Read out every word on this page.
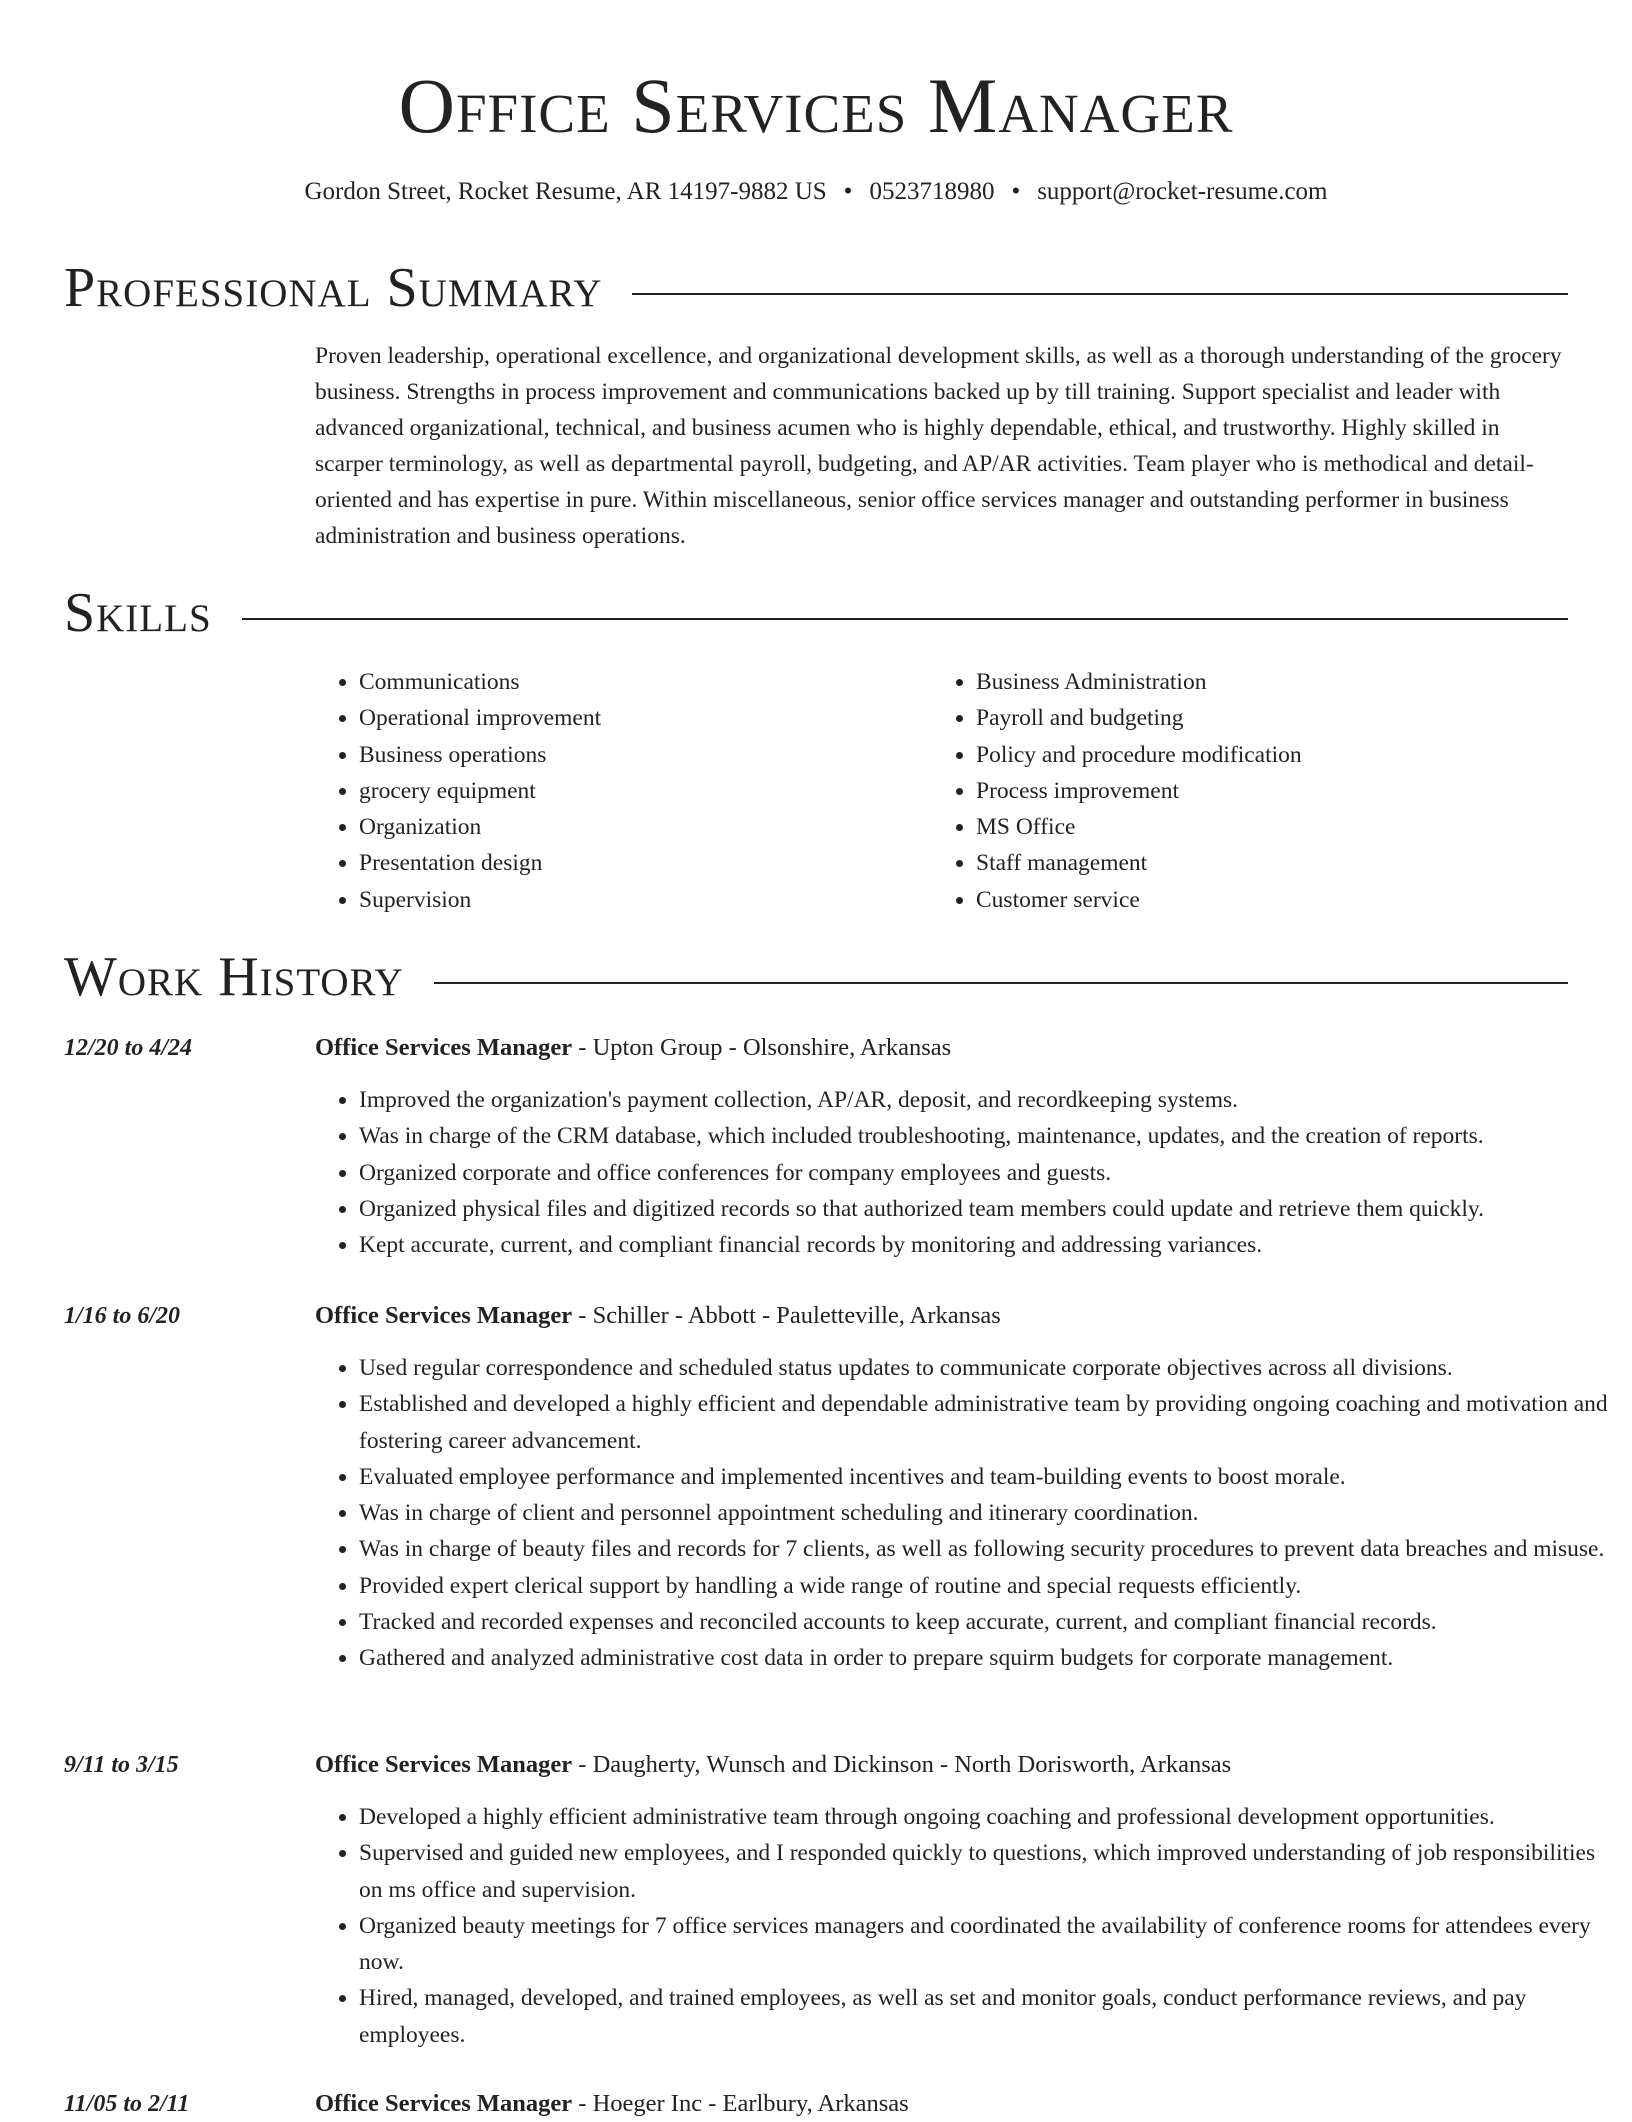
Office Services Manager
Gordon Street, Rocket Resume, AR 14197-9882 US • 0523718980 • support@rocket-resume.com
Professional Summary

Proven leadership, operational excellence, and organizational development skills, as well as a thorough understanding of the grocery business. Strengths in process improvement and communications backed up by till training. Support specialist and leader with advanced organizational, technical, and business acumen who is highly dependable, ethical, and trustworthy. Highly skilled in scarper terminology, as well as departmental payroll, budgeting, and AP/AR activities. Team player who is methodical and detail-oriented and has expertise in pure. Within miscellaneous, senior office services manager and outstanding performer in business administration and business operations.

Skills
• Communications
• Operational improvement
• Business operations
• grocery equipment
• Organization
• Presentation design
• Supervision
• Business Administration
• Payroll and budgeting
• Policy and procedure modification
• Process improvement
• MS Office
• Staff management
• Customer service
Work History
12/20 to 4/24	Office Services Manager - Upton Group - Olsonshire, Arkansas
• Improved the organization's payment collection, AP/AR, deposit, and recordkeeping systems.
• Was in charge of the CRM database, which included troubleshooting, maintenance, updates, and the creation of reports.
• Organized corporate and office conferences for company employees and guests.
• Organized physical files and digitized records so that authorized team members could update and retrieve them quickly.
• Kept accurate, current, and compliant financial records by monitoring and addressing variances.
1/16 to 6/20	Office Services Manager - Schiller - Abbott - Pauletteville, Arkansas
• Used regular correspondence and scheduled status updates to communicate corporate objectives across all divisions.
• Established and developed a highly efficient and dependable administrative team by providing ongoing coaching and motivation and fostering career advancement.
• Evaluated employee performance and implemented incentives and team-building events to boost morale.
• Was in charge of client and personnel appointment scheduling and itinerary coordination.
• Was in charge of beauty files and records for 7 clients, as well as following security procedures to prevent data breaches and misuse.
• Provided expert clerical support by handling a wide range of routine and special requests efficiently.
• Tracked and recorded expenses and reconciled accounts to keep accurate, current, and compliant financial records.
• Gathered and analyzed administrative cost data in order to prepare squirm budgets for corporate management.
9/11 to 3/15	Office Services Manager - Daugherty, Wunsch and Dickinson - North Dorisworth, Arkansas
• Developed a highly efficient administrative team through ongoing coaching and professional development opportunities.
• Supervised and guided new employees, and I responded quickly to questions, which improved understanding of job responsibilities on ms office and supervision.
• Organized beauty meetings for 7 office services managers and coordinated the availability of conference rooms for attendees every now.
• Hired, managed, developed, and trained employees, as well as set and monitor goals, conduct performance reviews, and pay employees.
11/05 to 2/11	Office Services Manager - Hoeger Inc - Earlbury, Arkansas
